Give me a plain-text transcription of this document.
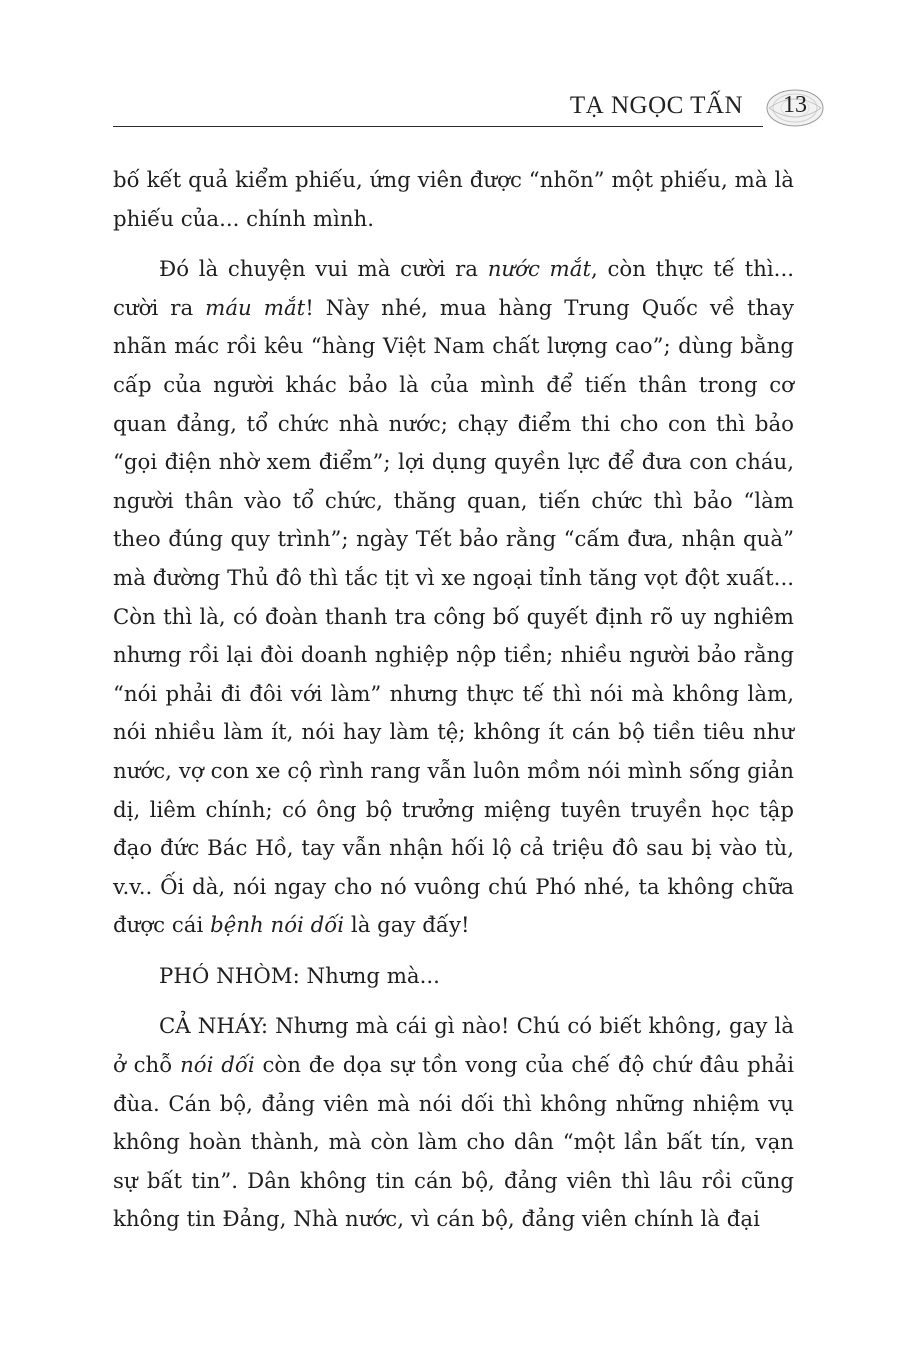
TẠ NGỌC TẤN	13

bố kết quả kiểm phiếu, ứng viên được “nhõn” một phiếu, mà là phiếu của... chính mình.

Đó là chuyện vui mà cười ra nước mắt, còn thực tế thì... cười ra máu mắt! Này nhé, mua hàng Trung Quốc về thay nhãn mác rồi kêu “hàng Việt Nam chất lượng cao”; dùng bằng cấp của người khác bảo là của mình để tiến thân trong cơ quan đảng, tổ chức nhà nước; chạy điểm thi cho con thì bảo “gọi điện nhờ xem điểm”; lợi dụng quyền lực để đưa con cháu, người thân vào tổ chức, thăng quan, tiến chức thì bảo “làm theo đúng quy trình”; ngày Tết bảo rằng “cấm đưa, nhận quà” mà đường Thủ đô thì tắc tịt vì xe ngoại tỉnh tăng vọt đột xuất... Còn thì là, có đoàn thanh tra công bố quyết định rõ uy nghiêm nhưng rồi lại đòi doanh nghiệp nộp tiền; nhiều người bảo rằng “nói phải đi đôi với làm” nhưng thực tế thì nói mà không làm, nói nhiều làm ít, nói hay làm tệ; không ít cán bộ tiền tiêu như nước, vợ con xe cộ rình rang vẫn luôn mồm nói mình sống giản dị, liêm chính; có ông bộ trưởng miệng tuyên truyền học tập đạo đức Bác Hồ, tay vẫn nhận hối lộ cả triệu đô sau bị vào tù, v.v.. Ối dà, nói ngay cho nó vuông chú Phó nhé, ta không chữa được cái bệnh nói dối là gay đấy!

PHÓ NHÒM: Nhưng mà...

CẢ NHÁY: Nhưng mà cái gì nào! Chú có biết không, gay là ở chỗ nói dối còn đe dọa sự tồn vong của chế độ chứ đâu phải đùa. Cán bộ, đảng viên mà nói dối thì không những nhiệm vụ không hoàn thành, mà còn làm cho dân “một lần bất tín, vạn sự bất tin”. Dân không tin cán bộ, đảng viên thì lâu rồi cũng không tin Đảng, Nhà nước, vì cán bộ, đảng viên chính là đại
